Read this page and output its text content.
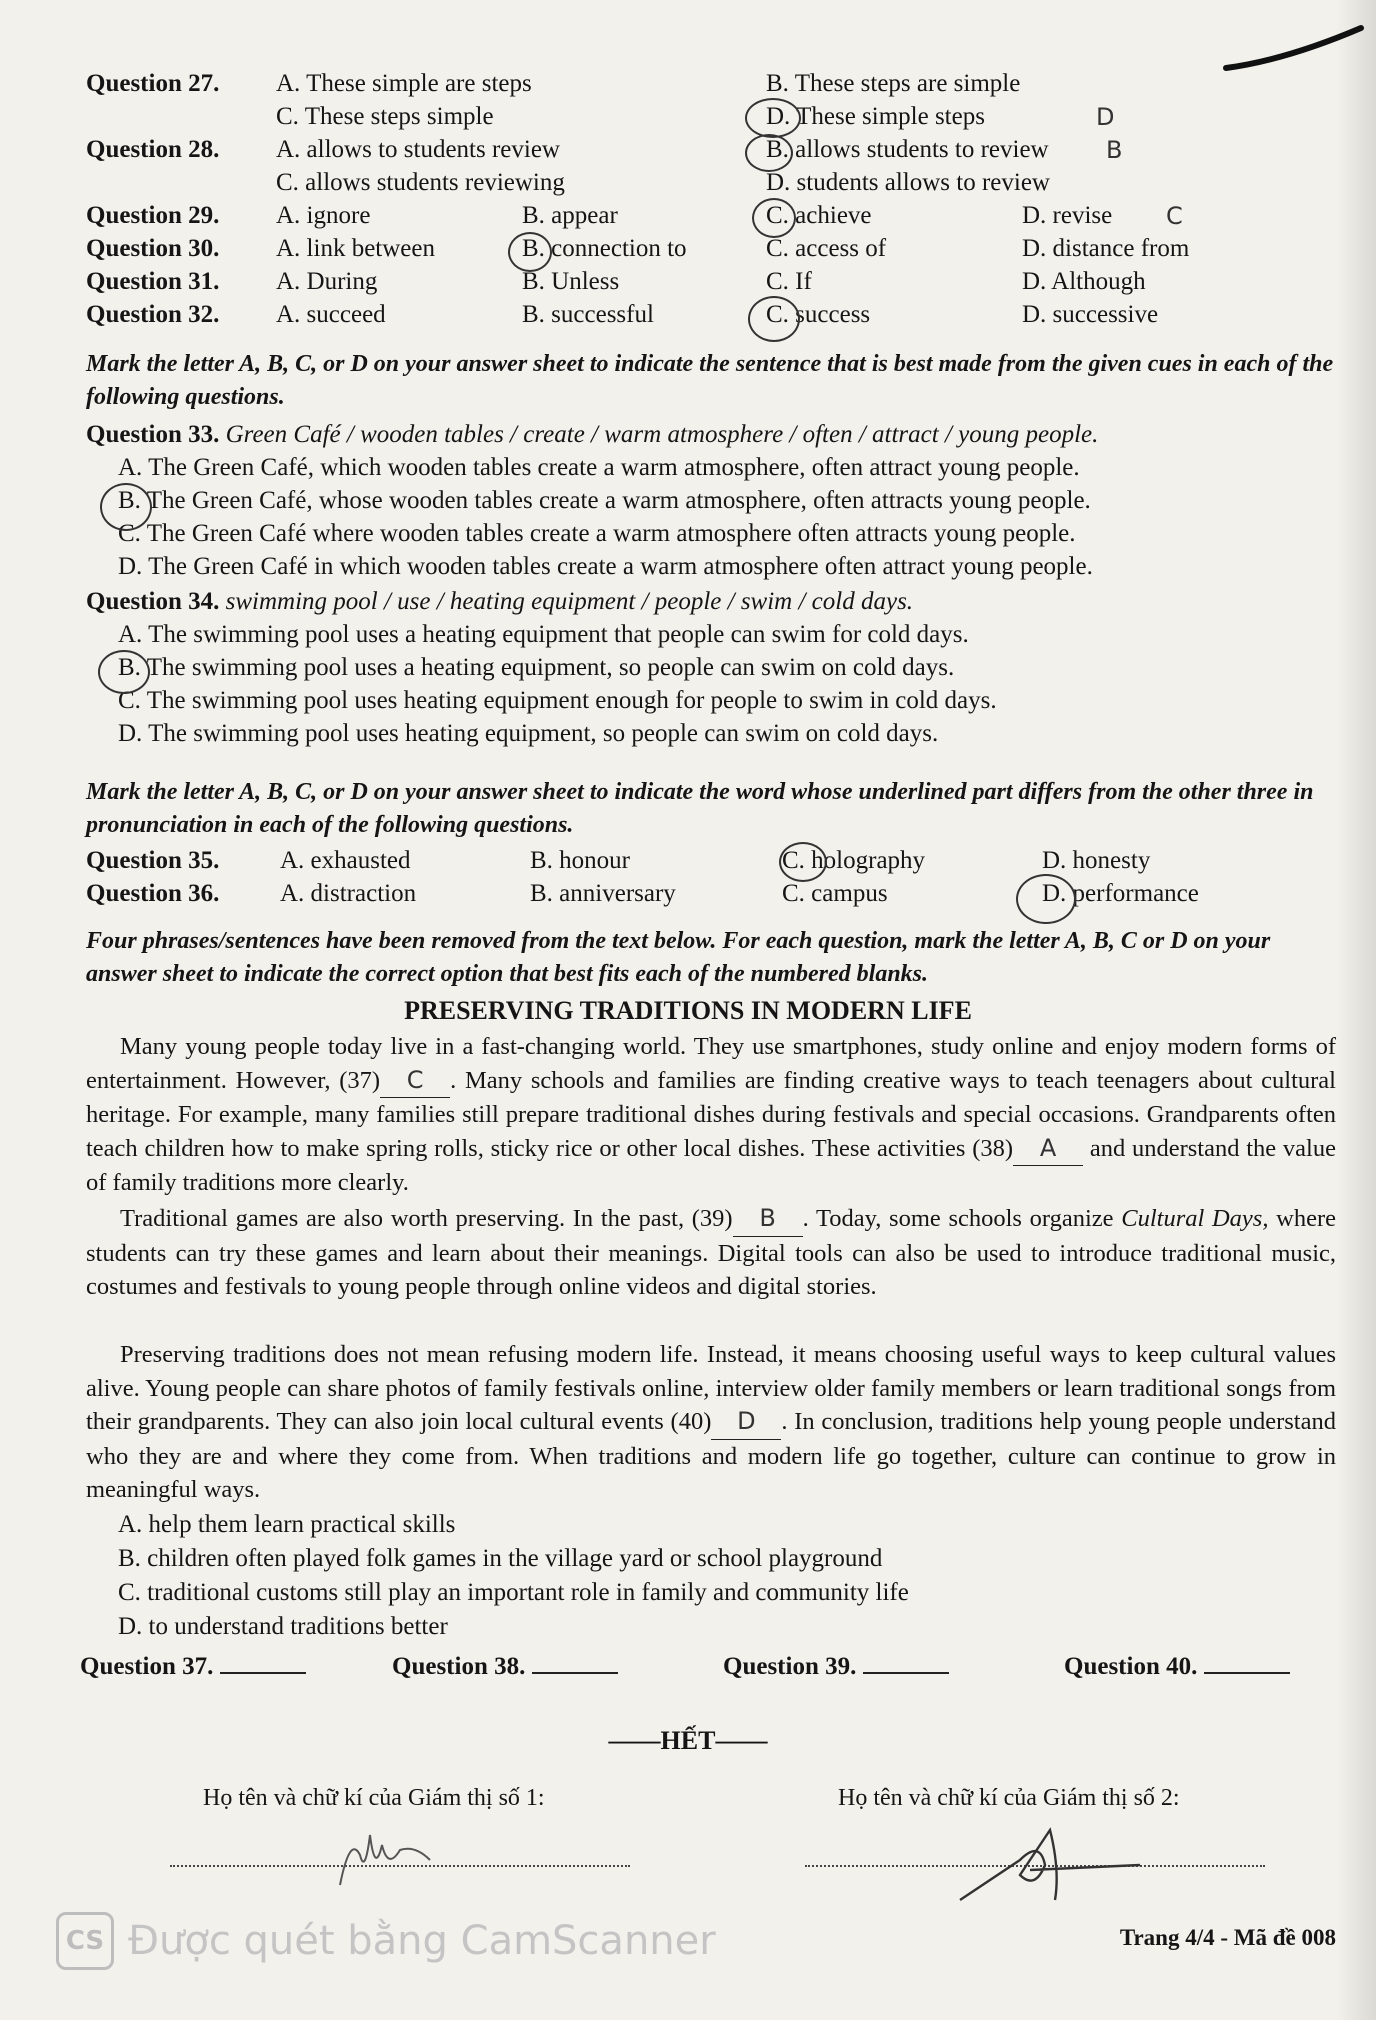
Question 27. A. These simple are steps	B. These steps are simple
C. These steps simple	D. These simple steps	D
Question 28. A. allows to students review	B. allows students to review B
C. allows students reviewing	D. students allows to review
Question 29. A. ignore	B. appear	C. achieve	D. revise C
Question 30. A. link between	B. connection to	C. access of	D. distance from
Question 31. A. During	B. Unless	C. If	D. Although
Question 32. A. succeed	B. successful	C. success	D. successive
Mark the letter A, B, C, or D on your answer sheet to indicate the sentence that is best made from the given cues in each of the following questions.
Question 33. Green Café / wooden tables / create / warm atmosphere / often / attract / young people.
A. The Green Café, which wooden tables create a warm atmosphere, often attract young people.
B. The Green Café, whose wooden tables create a warm atmosphere, often attracts young people.
C. The Green Café where wooden tables create a warm atmosphere often attracts young people.
D. The Green Café in which wooden tables create a warm atmosphere often attract young people.
Question 34. swimming pool / use / heating equipment / people / swim / cold days.
A. The swimming pool uses a heating equipment that people can swim for cold days.
B. The swimming pool uses a heating equipment, so people can swim on cold days.
C. The swimming pool uses heating equipment enough for people to swim in cold days.
D. The swimming pool uses heating equipment, so people can swim on cold days.
Mark the letter A, B, C, or D on your answer sheet to indicate the word whose underlined part differs from the other three in pronunciation in each of the following questions.
Question 35. A. exhausted	B. honour	C. holography	D. honesty
Question 36. A. distraction	B. anniversary	C. campus	D. performance
Four phrases/sentences have been removed from the text below. For each question, mark the letter A, B, C or D on your answer sheet to indicate the correct option that best fits each of the numbered blanks.
PRESERVING TRADITIONS IN MODERN LIFE
Many young people today live in a fast-changing world. They use smartphones, study online and enjoy modern forms of entertainment. However, (37) C . Many schools and families are finding creative ways to teach teenagers about cultural heritage. For example, many families still prepare traditional dishes during festivals and special occasions. Grandparents often teach children how to make spring rolls, sticky rice or other local dishes. These activities (38) A and understand the value of family traditions more clearly.
Traditional games are also worth preserving. In the past, (39) B . Today, some schools organize Cultural Days, where students can try these games and learn about their meanings. Digital tools can also be used to introduce traditional music, costumes and festivals to young people through online videos and digital stories.
Preserving traditions does not mean refusing modern life. Instead, it means choosing useful ways to keep cultural values alive. Young people can share photos of family festivals online, interview older family members or learn traditional songs from their grandparents. They can also join local cultural events (40) D . In conclusion, traditions help young people understand who they are and where they come from. When traditions and modern life go together, culture can continue to grow in meaningful ways.
A. help them learn practical skills
B. children often played folk games in the village yard or school playground
C. traditional customs still play an important role in family and community life
D. to understand traditions better
Question 37.	Question 38.	Question 39.	Question 40.
——HẾT——
Họ tên và chữ kí của Giám thị số 1:	Họ tên và chữ kí của Giám thị số 2:
CS Được quét bằng CamScanner	Trang 4/4 - Mã đề 008
